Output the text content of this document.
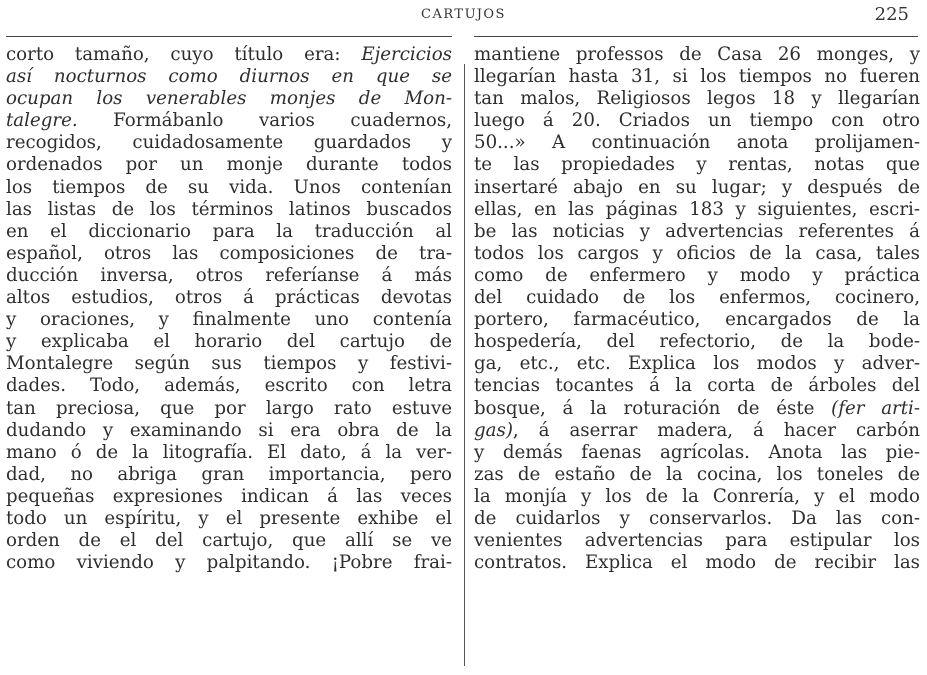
CARTUJOS	225
corto tamaño, cuyo título era: Ejercicios
así nocturnos como diurnos en que se
ocupan los venerables monjes de Mon-
talegre. Formábanlo varios cuadernos,
recogidos, cuidadosamente guardados y
ordenados por un monje durante todos
los tiempos de su vida. Unos contenían
las listas de los términos latinos buscados
en el diccionario para la traducción al
español, otros las composiciones de tra-
ducción inversa, otros referíanse á más
altos estudios, otros á prácticas devotas
y oraciones, y finalmente uno contenía
y explicaba el horario del cartujo de
Montalegre según sus tiempos y festivi-
dades. Todo, además, escrito con letra
tan preciosa, que por largo rato estuve
dudando y examinando si era obra de la
mano ó de la litografía. El dato, á la ver-
dad, no abriga gran importancia, pero
pequeñas expresiones indican á las veces
todo un espíritu, y el presente exhibe el
orden de el del cartujo, que allí se ve
como viviendo y palpitando. ¡Pobre frai-
mantiene professos de Casa 26 monges, y
llegarían hasta 31, si los tiempos no fueren
tan malos, Religiosos legos 18 y llegarían
luego á 20. Criados un tiempo con otro
50...» A continuación anota prolijamen-
te las propiedades y rentas, notas que
insertaré abajo en su lugar; y después de
ellas, en las páginas 183 y siguientes, escri-
be las noticias y advertencias referentes á
todos los cargos y oficios de la casa, tales
como de enfermero y modo y práctica
del cuidado de los enfermos, cocinero,
portero, farmacéutico, encargados de la
hospedería, del refectorio, de la bode-
ga, etc., etc. Explica los modos y adver-
tencias tocantes á la corta de árboles del
bosque, á la roturación de éste (fer arti-
gas), á aserrar madera, á hacer carbón
y demás faenas agrícolas. Anota las pie-
zas de estaño de la cocina, los toneles de
la monjía y los de la Conrería, y el modo
de cuidarlos y conservarlos. Da las con-
venientes advertencias para estipular los
contratos. Explica el modo de recibir las
